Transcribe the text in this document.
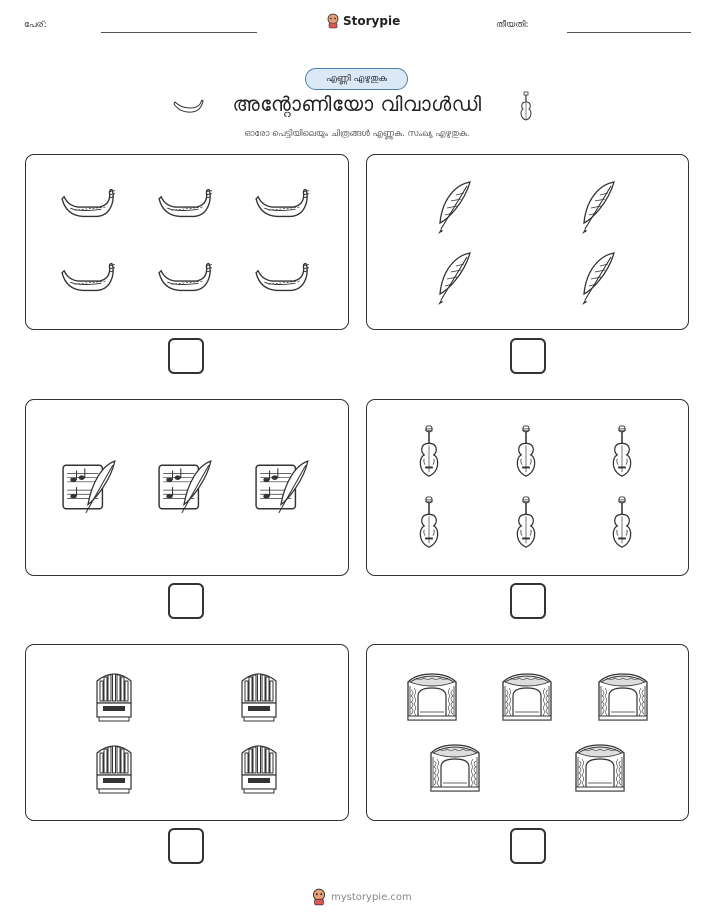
പേര്:	Storypie	തീയതി:
എണ്ണി എഴുതുക
അന്റോണിയോ വിവാൾഡി
ഓരോ പെട്ടിയിലെയും ചിത്രങ്ങൾ എണ്ണുക. സംഖ്യ എഴുതുക.
mystorypie.com
